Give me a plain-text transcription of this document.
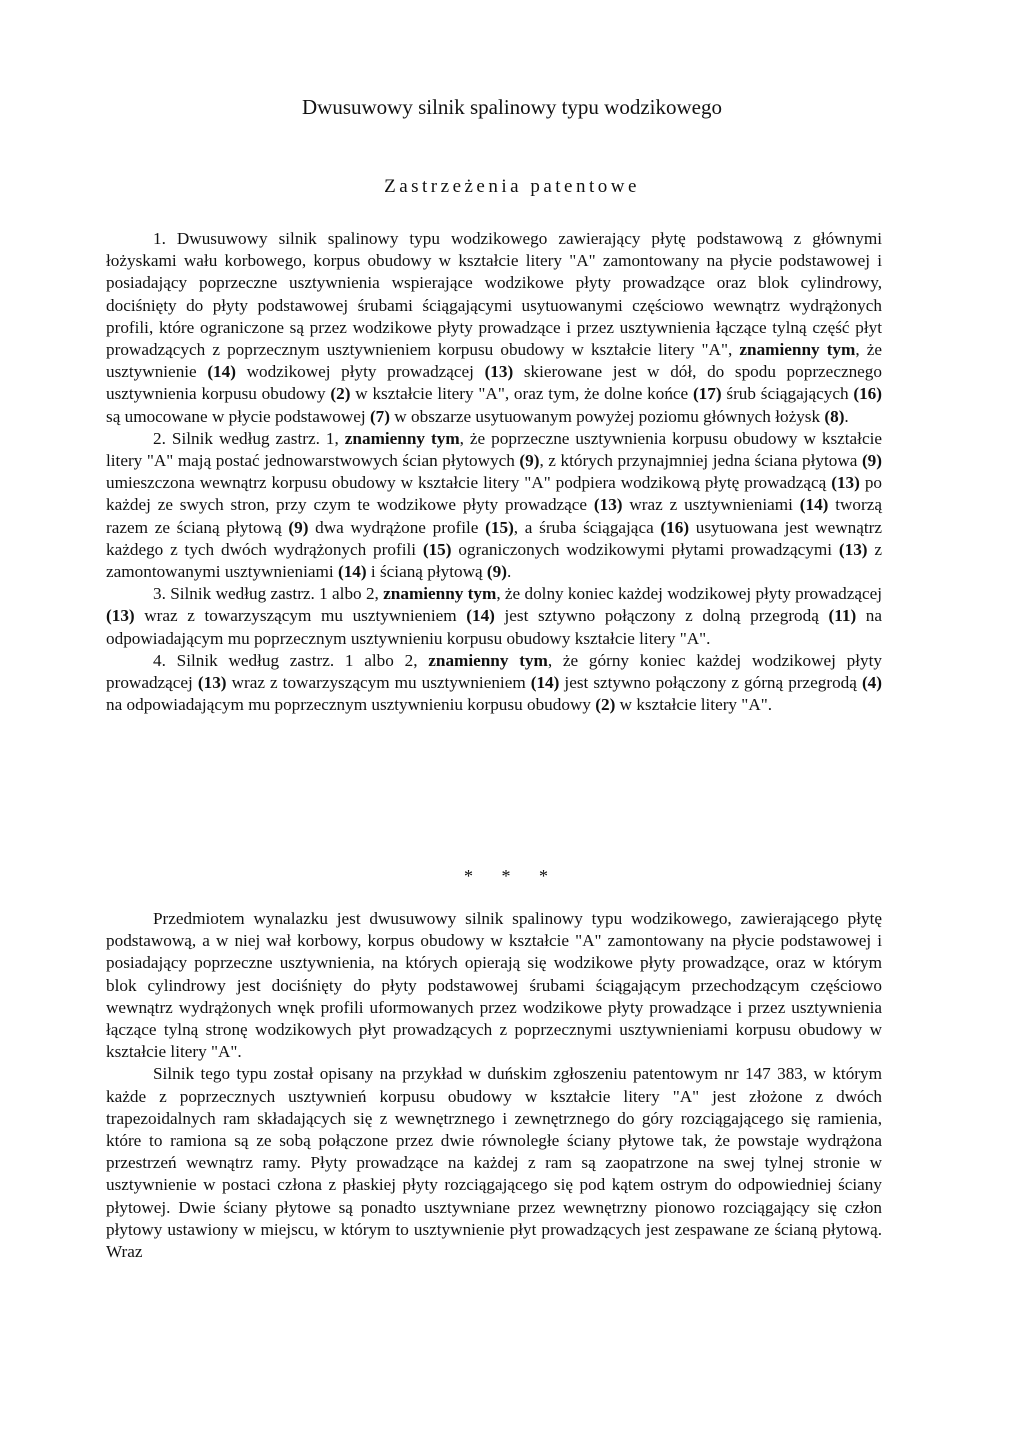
Dwusuwowy silnik spalinowy typu wodzikowego
Zastrzeżenia patentowe

1. Dwusuwowy silnik spalinowy typu wodzikowego zawierający płytę podstawową z głównymi łożyskami wału korbowego, korpus obudowy w kształcie litery "A" zamontowany na płycie podstawowej i posiadający poprzeczne usztywnienia wspierające wodzikowe płyty prowadzące oraz blok cylindrowy, dociśnięty do płyty podstawowej śrubami ściągającymi usytuowanymi częściowo wewnątrz wydrążonych profili, które ograniczone są przez wodzikowe płyty prowadzące i przez usztywnienia łączące tylną część płyt prowadzących z poprzecznym usztywnieniem korpusu obudowy w kształcie litery "A", znamienny tym, że usztywnienie (14) wodzikowej płyty prowadzącej (13) skierowane jest w dół, do spodu poprzecznego usztywnienia korpusu obudowy (2) w kształcie litery "A", oraz tym, że dolne końce (17) śrub ściągających (16) są umocowane w płycie podstawowej (7) w obszarze usytuowanym powyżej poziomu głównych łożysk (8).

2. Silnik według zastrz. 1, znamienny tym, że poprzeczne usztywnienia korpusu obudowy w kształcie litery "A" mają postać jednowarstwowych ścian płytowych (9), z których przynajmniej jedna ściana płytowa (9) umieszczona wewnątrz korpusu obudowy w kształcie litery "A" podpiera wodzikową płytę prowadzącą (13) po każdej ze swych stron, przy czym te wodzikowe płyty prowadzące (13) wraz z usztywnieniami (14) tworzą razem ze ścianą płytową (9) dwa wydrążone profile (15), a śruba ściągająca (16) usytuowana jest wewnątrz każdego z tych dwóch wydrążonych profili (15) ograniczonych wodzikowymi płytami prowadzącymi (13) z zamontowanymi usztywnieniami (14) i ścianą płytową (9).

3. Silnik według zastrz. 1 albo 2, znamienny tym, że dolny koniec każdej wodzikowej płyty prowadzącej (13) wraz z towarzyszącym mu usztywnieniem (14) jest sztywno połączony z dolną przegrodą (11) na odpowiadającym mu poprzecznym usztywnieniu korpusu obudowy kształcie litery "A".

4. Silnik według zastrz. 1 albo 2, znamienny tym, że górny koniec każdej wodzikowej płyty prowadzącej (13) wraz z towarzyszącym mu usztywnieniem (14) jest sztywno połączony z górną przegrodą (4) na odpowiadającym mu poprzecznym usztywnieniu korpusu obudowy (2) w kształcie litery "A".

* * *

Przedmiotem wynalazku jest dwusuwowy silnik spalinowy typu wodzikowego, zawierającego płytę podstawową, a w niej wał korbowy, korpus obudowy w kształcie "A" zamontowany na płycie podstawowej i posiadający poprzeczne usztywnienia, na których opierają się wodzikowe płyty prowadzące, oraz w którym blok cylindrowy jest dociśnięty do płyty podstawowej śrubami ściągającym przechodzącym częściowo wewnątrz wydrążonych wnęk profili uformowanych przez wodzikowe płyty prowadzące i przez usztywnienia łączące tylną stronę wodzikowych płyt prowadzących z poprzecznymi usztywnieniami korpusu obudowy w kształcie litery "A".

Silnik tego typu został opisany na przykład w duńskim zgłoszeniu patentowym nr 147 383, w którym każde z poprzecznych usztywnień korpusu obudowy w kształcie litery "A" jest złożone z dwóch trapezoidalnych ram składających się z wewnętrznego i zewnętrznego do góry rozciągającego się ramienia, które to ramiona są ze sobą połączone przez dwie równoległe ściany płytowe tak, że powstaje wydrążona przestrzeń wewnątrz ramy. Płyty prowadzące na każdej z ram są zaopatrzone na swej tylnej stronie w usztywnienie w postaci człona z płaskiej płyty rozciągającego się pod kątem ostrym do odpowiedniej ściany płytowej. Dwie ściany płytowe są ponadto usztywniane przez wewnętrzny pionowo rozciągający się człon płytowy ustawiony w miejscu, w którym to usztywnienie płyt prowadzących jest zespawane ze ścianą płytową. Wraz
